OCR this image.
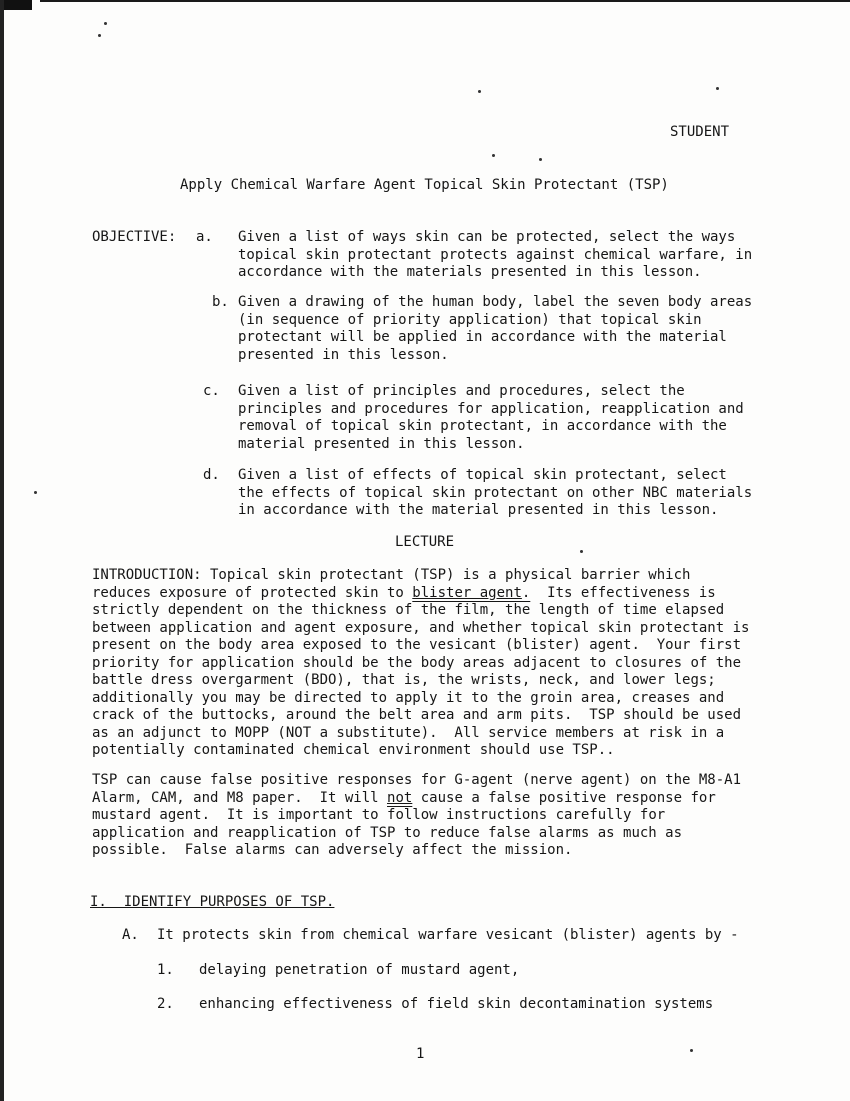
STUDENT
Apply Chemical Warfare Agent Topical Skin Protectant (TSP)
OBJECTIVE: a. Given a list of ways skin can be protected, select the ways
topical skin protectant protects against chemical warfare, in
accordance with the materials presented in this lesson.
b. Given a drawing of the human body, label the seven body areas
(in sequence of priority application) that topical skin
protectant will be applied in accordance with the material
presented in this lesson.
c. Given a list of principles and procedures, select the
principles and procedures for application, reapplication and
removal of topical skin protectant, in accordance with the
material presented in this lesson.
d. Given a list of effects of topical skin protectant, select
the effects of topical skin protectant on other NBC materials
in accordance with the material presented in this lesson.
LECTURE
INTRODUCTION: Topical skin protectant (TSP) is a physical barrier which
reduces exposure of protected skin to blister agent.  Its effectiveness is
strictly dependent on the thickness of the film, the length of time elapsed
between application and agent exposure, and whether topical skin protectant is
present on the body area exposed to the vesicant (blister) agent.  Your first
priority for application should be the body areas adjacent to closures of the
battle dress overgarment (BDO), that is, the wrists, neck, and lower legs;
additionally you may be directed to apply it to the groin area, creases and
crack of the buttocks, around the belt area and arm pits.  TSP should be used
as an adjunct to MOPP (NOT a substitute).  All service members at risk in a
potentially contaminated chemical environment should use TSP..
TSP can cause false positive responses for G-agent (nerve agent) on the M8-A1
Alarm, CAM, and M8 paper.  It will not cause a false positive response for
mustard agent.  It is important to $\overline{fol}low$ instructions carefully for
application and reapplication of TSP to reduce false alarms as much as
possible.  False alarms can adversely affect the mission.
I.  IDENTIFY PURPOSES OF TSP.
A. It protects skin from chemical warfare vesicant (blister) agents by -
1. delaying penetration of mustard agent,
2. enhancing effectiveness of field skin decontamination systems
1
